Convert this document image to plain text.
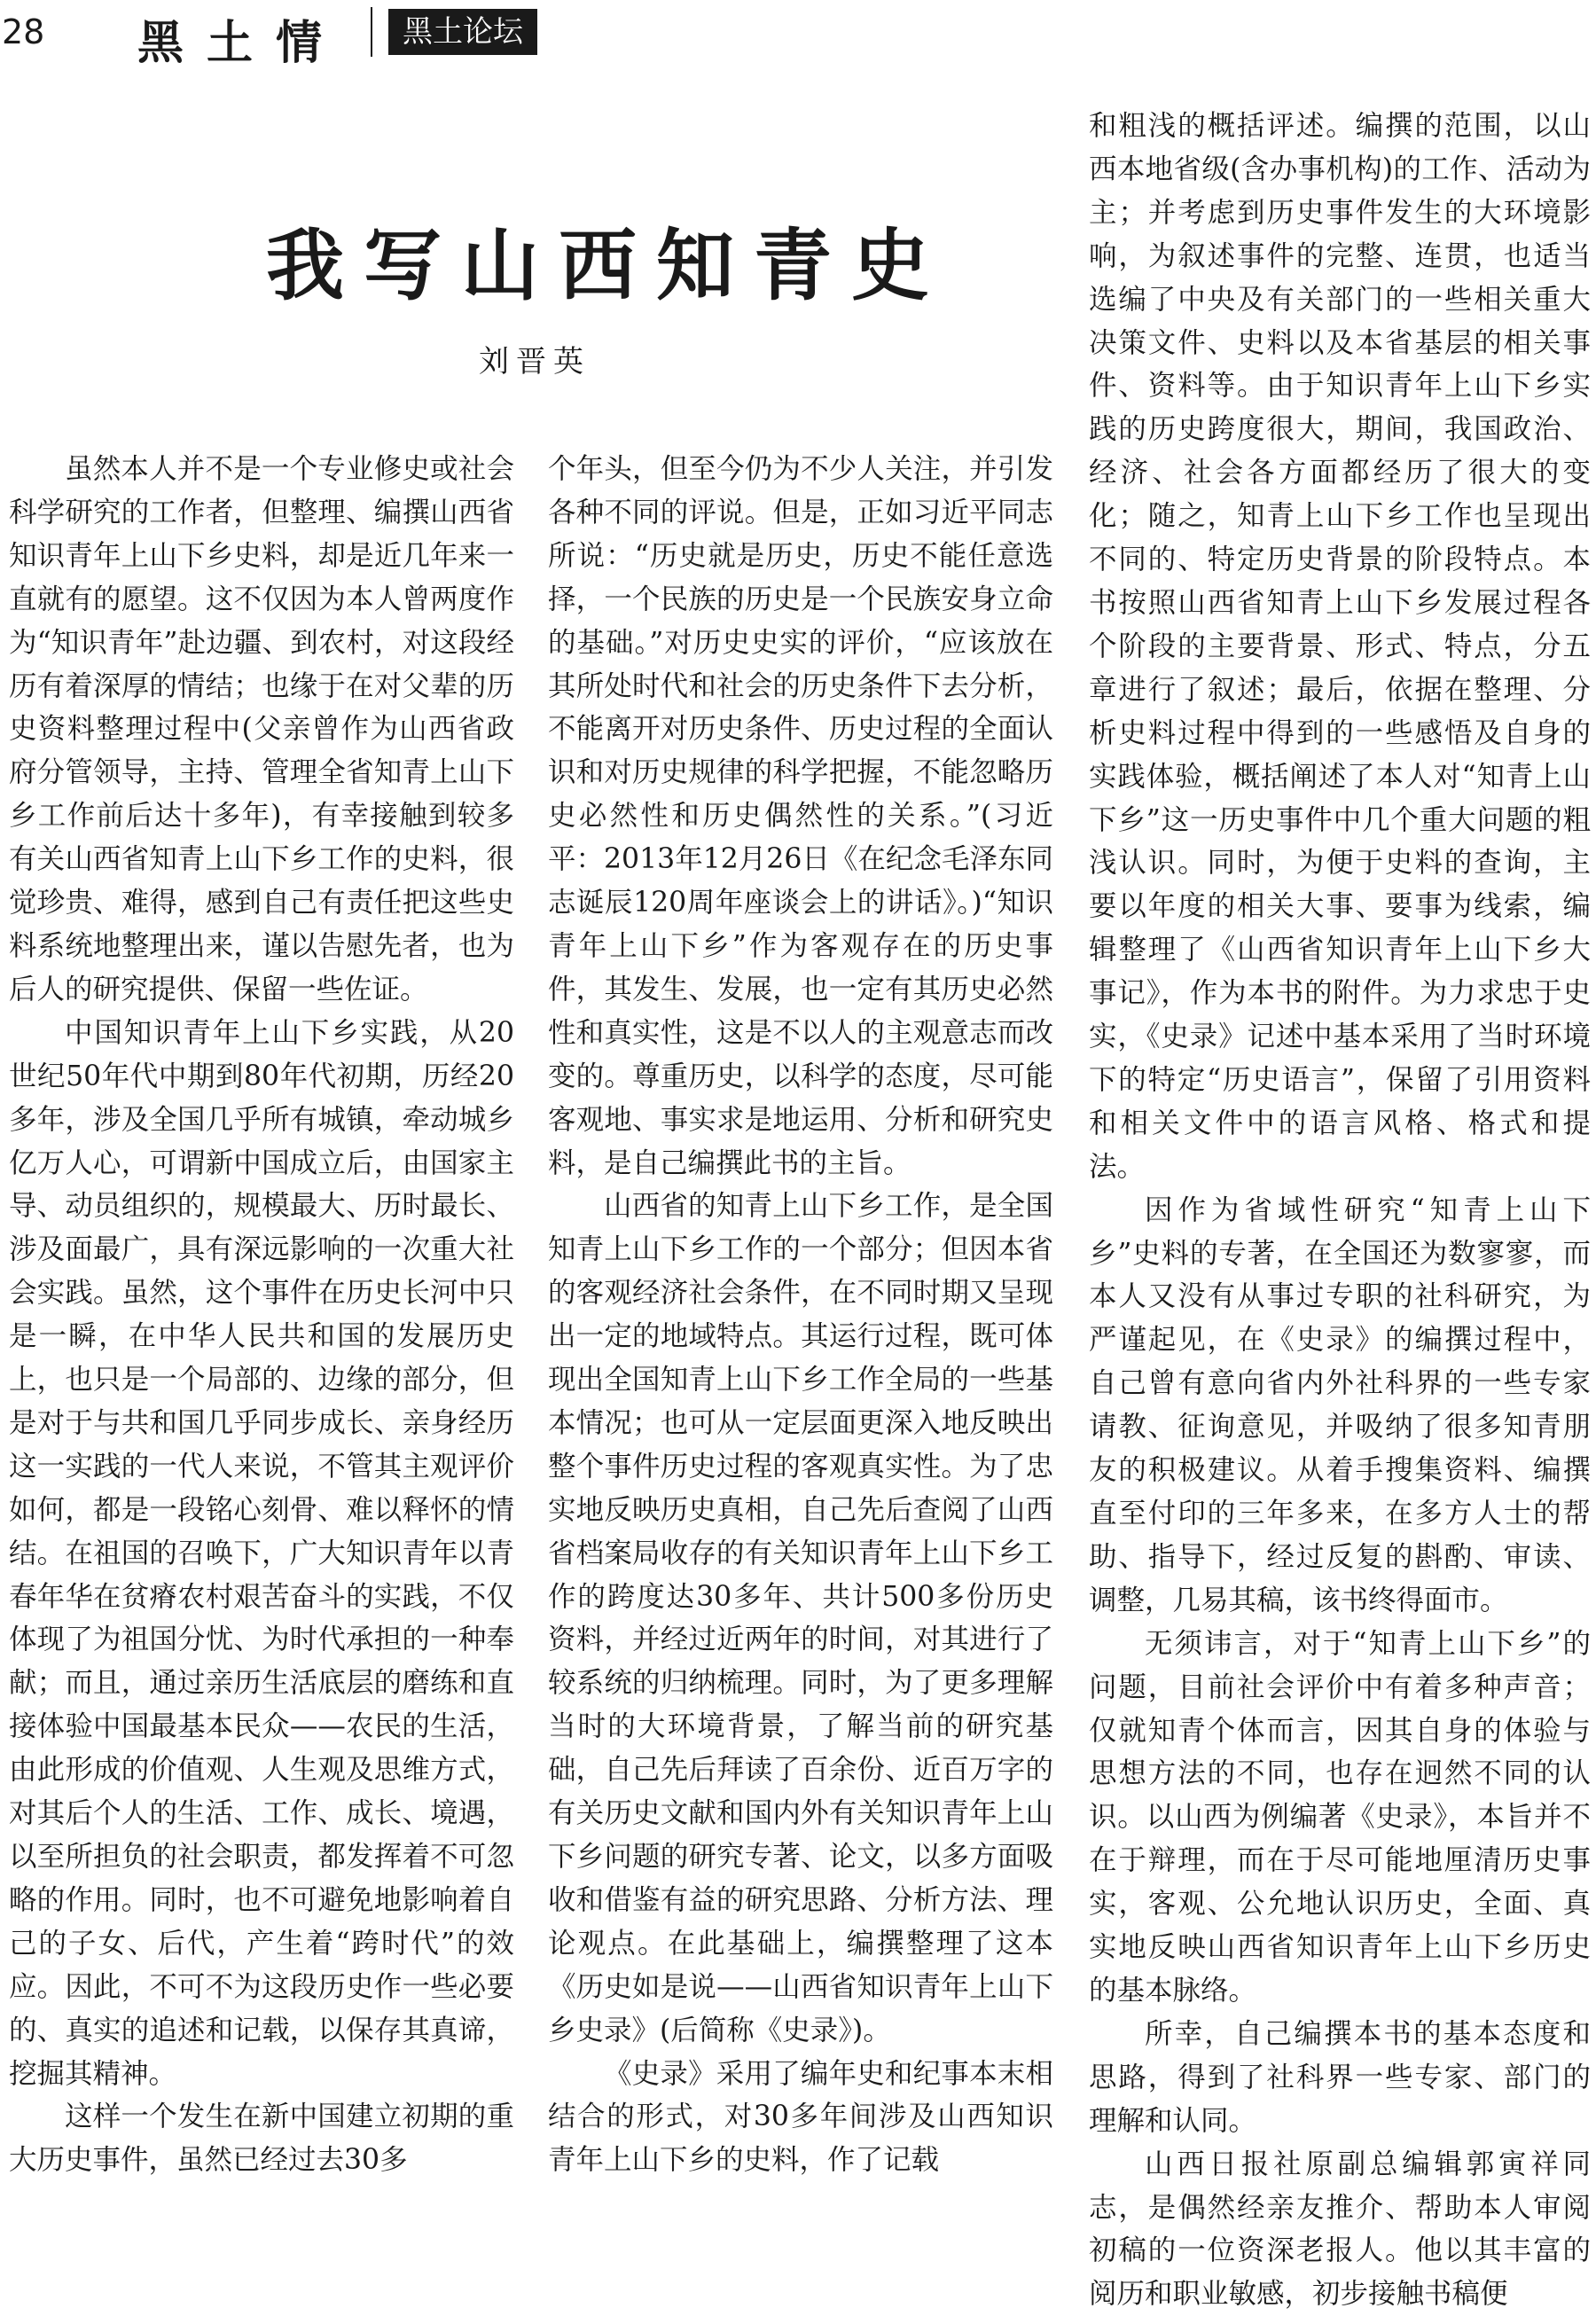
28 黑土情	黑土论坛
我写山西知青史
刘晋英

虽然本人并不是一个专业修史或社会科学研究的工作者，但整理、编撰山西省知识青年上山下乡史料，却是近几年来一直就有的愿望。这不仅因为本人曾两度作为“知识青年”赴边疆、到农村，对这段经历有着深厚的情结；也缘于在对父辈的历史资料整理过程中(父亲曾作为山西省政府分管领导，主持、管理全省知青上山下乡工作前后达十多年)，有幸接触到较多有关山西省知青上山下乡工作的史料，很觉珍贵、难得，感到自己有责任把这些史料系统地整理出来，谨以告慰先者，也为后人的研究提供、保留一些佐证。

中国知识青年上山下乡实践，从20世纪50年代中期到80年代初期，历经20多年，涉及全国几乎所有城镇，牵动城乡亿万人心，可谓新中国成立后，由国家主导、动员组织的，规模最大、历时最长、涉及面最广，具有深远影响的一次重大社会实践。虽然，这个事件在历史长河中只是一瞬，在中华人民共和国的发展历史上，也只是一个局部的、边缘的部分，但是对于与共和国几乎同步成长、亲身经历这一实践的一代人来说，不管其主观评价如何，都是一段铭心刻骨、难以释怀的情结。在祖国的召唤下，广大知识青年以青春年华在贫瘠农村艰苦奋斗的实践，不仅体现了为祖国分忧、为时代承担的一种奉献；而且，通过亲历生活底层的磨练和直接体验中国最基本民众——农民的生活，由此形成的价值观、人生观及思维方式，对其后个人的生活、工作、成长、境遇，以至所担负的社会职责，都发挥着不可忽略的作用。同时，也不可避免地影响着自己的子女、后代，产生着“跨时代”的效应。因此，不可不为这段历史作一些必要的、真实的追述和记载，以保存其真谛，挖掘其精神。

这样一个发生在新中国建立初期的重大历史事件，虽然已经过去30多

个年头，但至今仍为不少人关注，并引发各种不同的评说。但是，正如习近平同志所说：“历史就是历史，历史不能任意选择，一个民族的历史是一个民族安身立命的基础。”对历史史实的评价，“应该放在其所处时代和社会的历史条件下去分析，不能离开对历史条件、历史过程的全面认识和对历史规律的科学把握，不能忽略历史必然性和历史偶然性的关系。”(习近平：2013年12月26日《在纪念毛泽东同志诞辰120周年座谈会上的讲话》。)“知识青年上山下乡”作为客观存在的历史事件，其发生、发展，也一定有其历史必然性和真实性，这是不以人的主观意志而改变的。尊重历史，以科学的态度，尽可能客观地、事实求是地运用、分析和研究史料，是自己编撰此书的主旨。

山西省的知青上山下乡工作，是全国知青上山下乡工作的一个部分；但因本省的客观经济社会条件，在不同时期又呈现出一定的地域特点。其运行过程，既可体现出全国知青上山下乡工作全局的一些基本情况；也可从一定层面更深入地反映出整个事件历史过程的客观真实性。为了忠实地反映历史真相，自己先后查阅了山西省档案局收存的有关知识青年上山下乡工作的跨度达30多年、共计500多份历史资料，并经过近两年的时间，对其进行了较系统的归纳梳理。同时，为了更多理解当时的大环境背景，了解当前的研究基础，自己先后拜读了百余份、近百万字的有关历史文献和国内外有关知识青年上山下乡问题的研究专著、论文，以多方面吸收和借鉴有益的研究思路、分析方法、理论观点。在此基础上，编撰整理了这本《历史如是说——山西省知识青年上山下乡史录》(后简称《史录》)。

《史录》采用了编年史和纪事本末相结合的形式，对30多年间涉及山西知识青年上山下乡的史料，作了记载

和粗浅的概括评述。编撰的范围，以山西本地省级(含办事机构)的工作、活动为主；并考虑到历史事件发生的大环境影响，为叙述事件的完整、连贯，也适当选编了中央及有关部门的一些相关重大决策文件、史料以及本省基层的相关事件、资料等。由于知识青年上山下乡实践的历史跨度很大，期间，我国政治、经济、社会各方面都经历了很大的变化；随之，知青上山下乡工作也呈现出不同的、特定历史背景的阶段特点。本书按照山西省知青上山下乡发展过程各个阶段的主要背景、形式、特点，分五章进行了叙述；最后，依据在整理、分析史料过程中得到的一些感悟及自身的实践体验，概括阐述了本人对“知青上山下乡”这一历史事件中几个重大问题的粗浅认识。同时，为便于史料的查询，主要以年度的相关大事、要事为线索，编辑整理了《山西省知识青年上山下乡大事记》，作为本书的附件。为力求忠于史实，《史录》记述中基本采用了当时环境下的特定“历史语言”，保留了引用资料和相关文件中的语言风格、格式和提法。

因作为省域性研究“知青上山下乡”史料的专著，在全国还为数寥寥，而本人又没有从事过专职的社科研究，为严谨起见，在《史录》的编撰过程中，自己曾有意向省内外社科界的一些专家请教、征询意见，并吸纳了很多知青朋友的积极建议。从着手搜集资料、编撰直至付印的三年多来，在多方人士的帮助、指导下，经过反复的斟酌、审读、调整，几易其稿，该书终得面市。

无须讳言，对于“知青上山下乡”的问题，目前社会评价中有着多种声音；仅就知青个体而言，因其自身的体验与思想方法的不同，也存在迥然不同的认识。以山西为例编著《史录》，本旨并不在于辩理，而在于尽可能地厘清历史事实，客观、公允地认识历史，全面、真实地反映山西省知识青年上山下乡历史的基本脉络。

所幸，自己编撰本书的基本态度和思路，得到了社科界一些专家、部门的理解和认同。

山西日报社原副总编辑郭寅祥同志，是偶然经亲友推介、帮助本人审阅初稿的一位资深老报人。他以其丰富的阅历和职业敏感，初步接触书稿便
